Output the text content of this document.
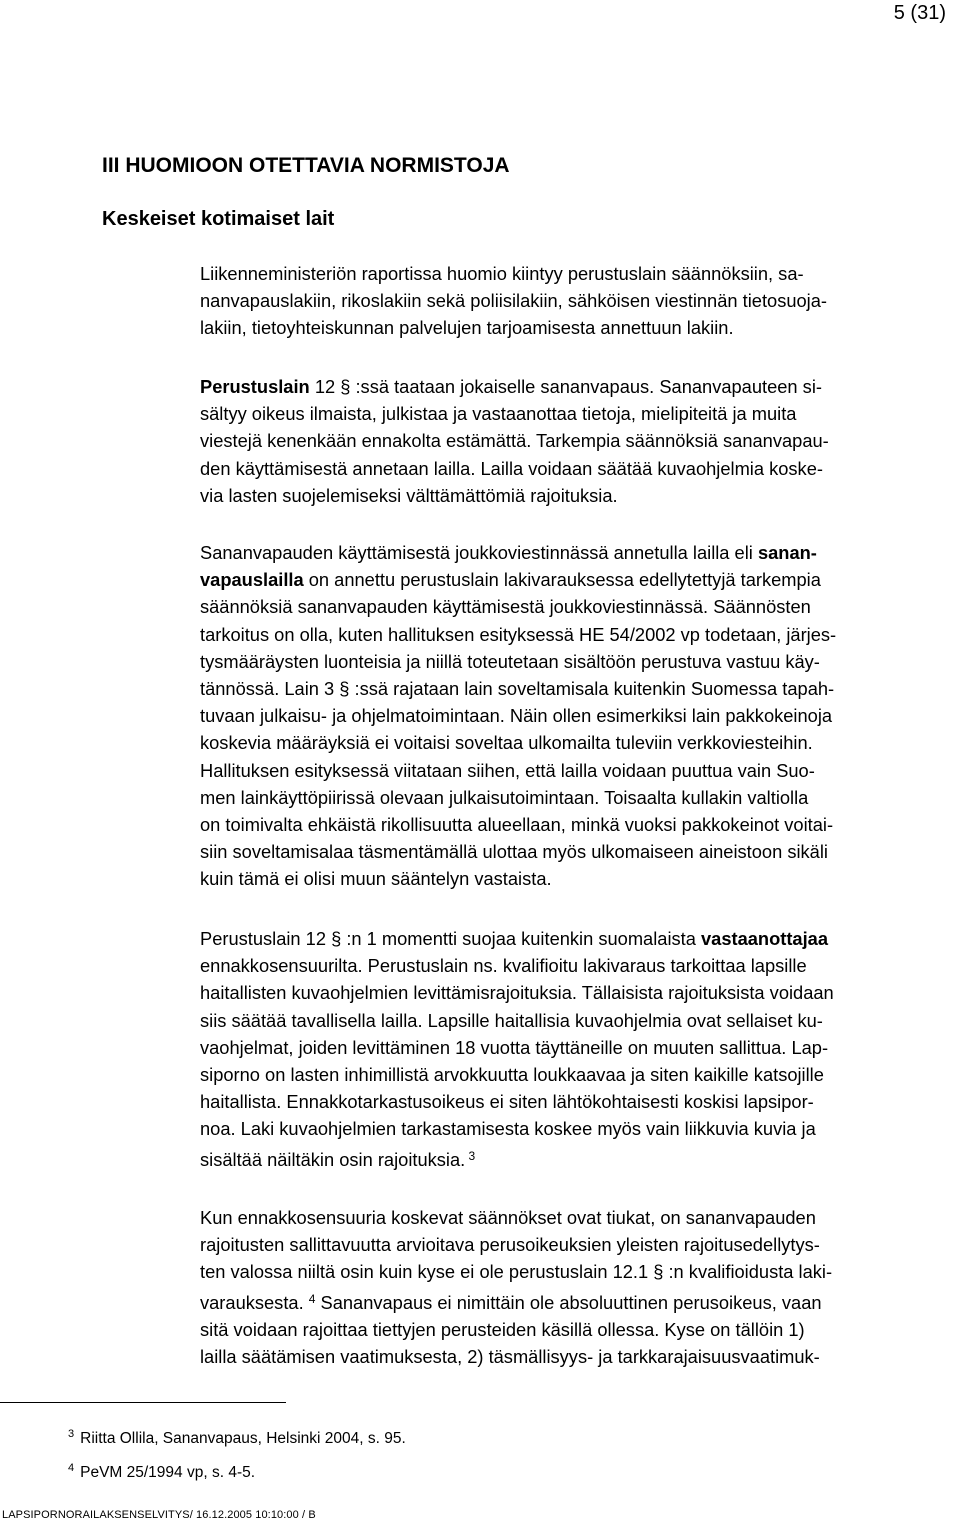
5 (31)
III HUOMIOON OTETTAVIA NORMISTOJA
Keskeiset kotimaiset lait
Liikenneministeriön raportissa huomio kiintyy perustuslain säännöksiin, sa-
nanvapauslakiin, rikoslakiin sekä poliisilakiin, sähköisen viestinnän tietosuoja-
lakiin, tietoyhteiskunnan palvelujen tarjoamisesta annettuun lakiin.
Perustuslain 12 § :ssä taataan jokaiselle sananvapaus. Sananvapauteen si-
sältyy oikeus ilmaista, julkistaa ja vastaanottaa tietoja, mielipiteitä ja muita
viestejä kenenkään ennakolta estämättä. Tarkempia säännöksiä sananvapau-
den käyttämisestä annetaan lailla. Lailla voidaan säätää kuvaohjelmia koske-
via lasten suojelemiseksi välttämättömiä rajoituksia.
Sananvapauden käyttämisestä joukkoviestinnässä annetulla lailla eli sanan-
vapauslailla on annettu perustuslain lakivarauksessa edellytettyjä tarkempia
säännöksiä sananvapauden käyttämisestä joukkoviestinnässä. Säännösten
tarkoitus on olla, kuten hallituksen esityksessä HE 54/2002 vp todetaan, järjes-
tysmääräysten luonteisia ja niillä toteutetaan sisältöön perustuva vastuu käy-
tännössä. Lain 3 § :ssä rajataan lain soveltamisala kuitenkin Suomessa tapah-
tuvaan julkaisu- ja ohjelmatoimintaan. Näin ollen esimerkiksi lain pakkokeinoja
koskevia määräyksiä ei voitaisi soveltaa ulkomailta tuleviin verkkoviesteihin.
Hallituksen esityksessä viitataan siihen, että lailla voidaan puuttua vain Suo-
men lainkäyttöpiirissä olevaan julkaisutoimintaan. Toisaalta kullakin valtiolla
on toimivalta ehkäistä rikollisuutta alueellaan, minkä vuoksi pakkokeinot voitai-
siin soveltamisalaa täsmentämällä ulottaa myös ulkomaiseen aineistoon sikäli
kuin tämä ei olisi muun sääntelyn vastaista.
Perustuslain 12 § :n 1 momentti suojaa kuitenkin suomalaista vastaanottajaa
ennakkosensuurilta. Perustuslain ns. kvalifioitu lakivaraus tarkoittaa lapsille
haitallisten kuvaohjelmien levittämisrajoituksia. Tällaisista rajoituksista voidaan
siis säätää tavallisella lailla. Lapsille haitallisia kuvaohjelmia ovat sellaiset ku-
vaohjelmat, joiden levittäminen 18 vuotta täyttäneille on muuten sallittua. Lap-
siporno on lasten inhimillistä arvokkuutta loukkaavaa ja siten kaikille katsojille
haitallista. Ennakkotarkastusoikeus ei siten lähtökohtaisesti koskisi lapsipor-
noa. Laki kuvaohjelmien tarkastamisesta koskee myös vain liikkuvia kuvia ja
sisältää näiltäkin osin rajoituksia. $^3$
Kun ennakkosensuuria koskevat säännökset ovat tiukat, on sananvapauden
rajoitusten sallittavuutta arvioitava perusoikeuksien yleisten rajoitusedellytys-
ten valossa niiltä osin kuin kyse ei ole perustuslain 12.1 § :n kvalifioidusta laki-
varauksesta. $^4$ Sananvapaus ei nimittäin ole absoluuttinen perusoikeus, vaan
sitä voidaan rajoittaa tiettyjen perusteiden käsillä ollessa. Kyse on tällöin 1)
lailla säätämisen vaatimuksesta, 2) täsmällisyys- ja tarkkarajaisuusvaatimuk-
$^3$ Riitta Ollila, Sananvapaus, Helsinki 2004, s. 95.
$^4$ PeVM 25/1994 vp, s. 4-5.
LAPSIPORNORAILAKSENSELVITYS/ 16.12.2005 10:10:00 / B
